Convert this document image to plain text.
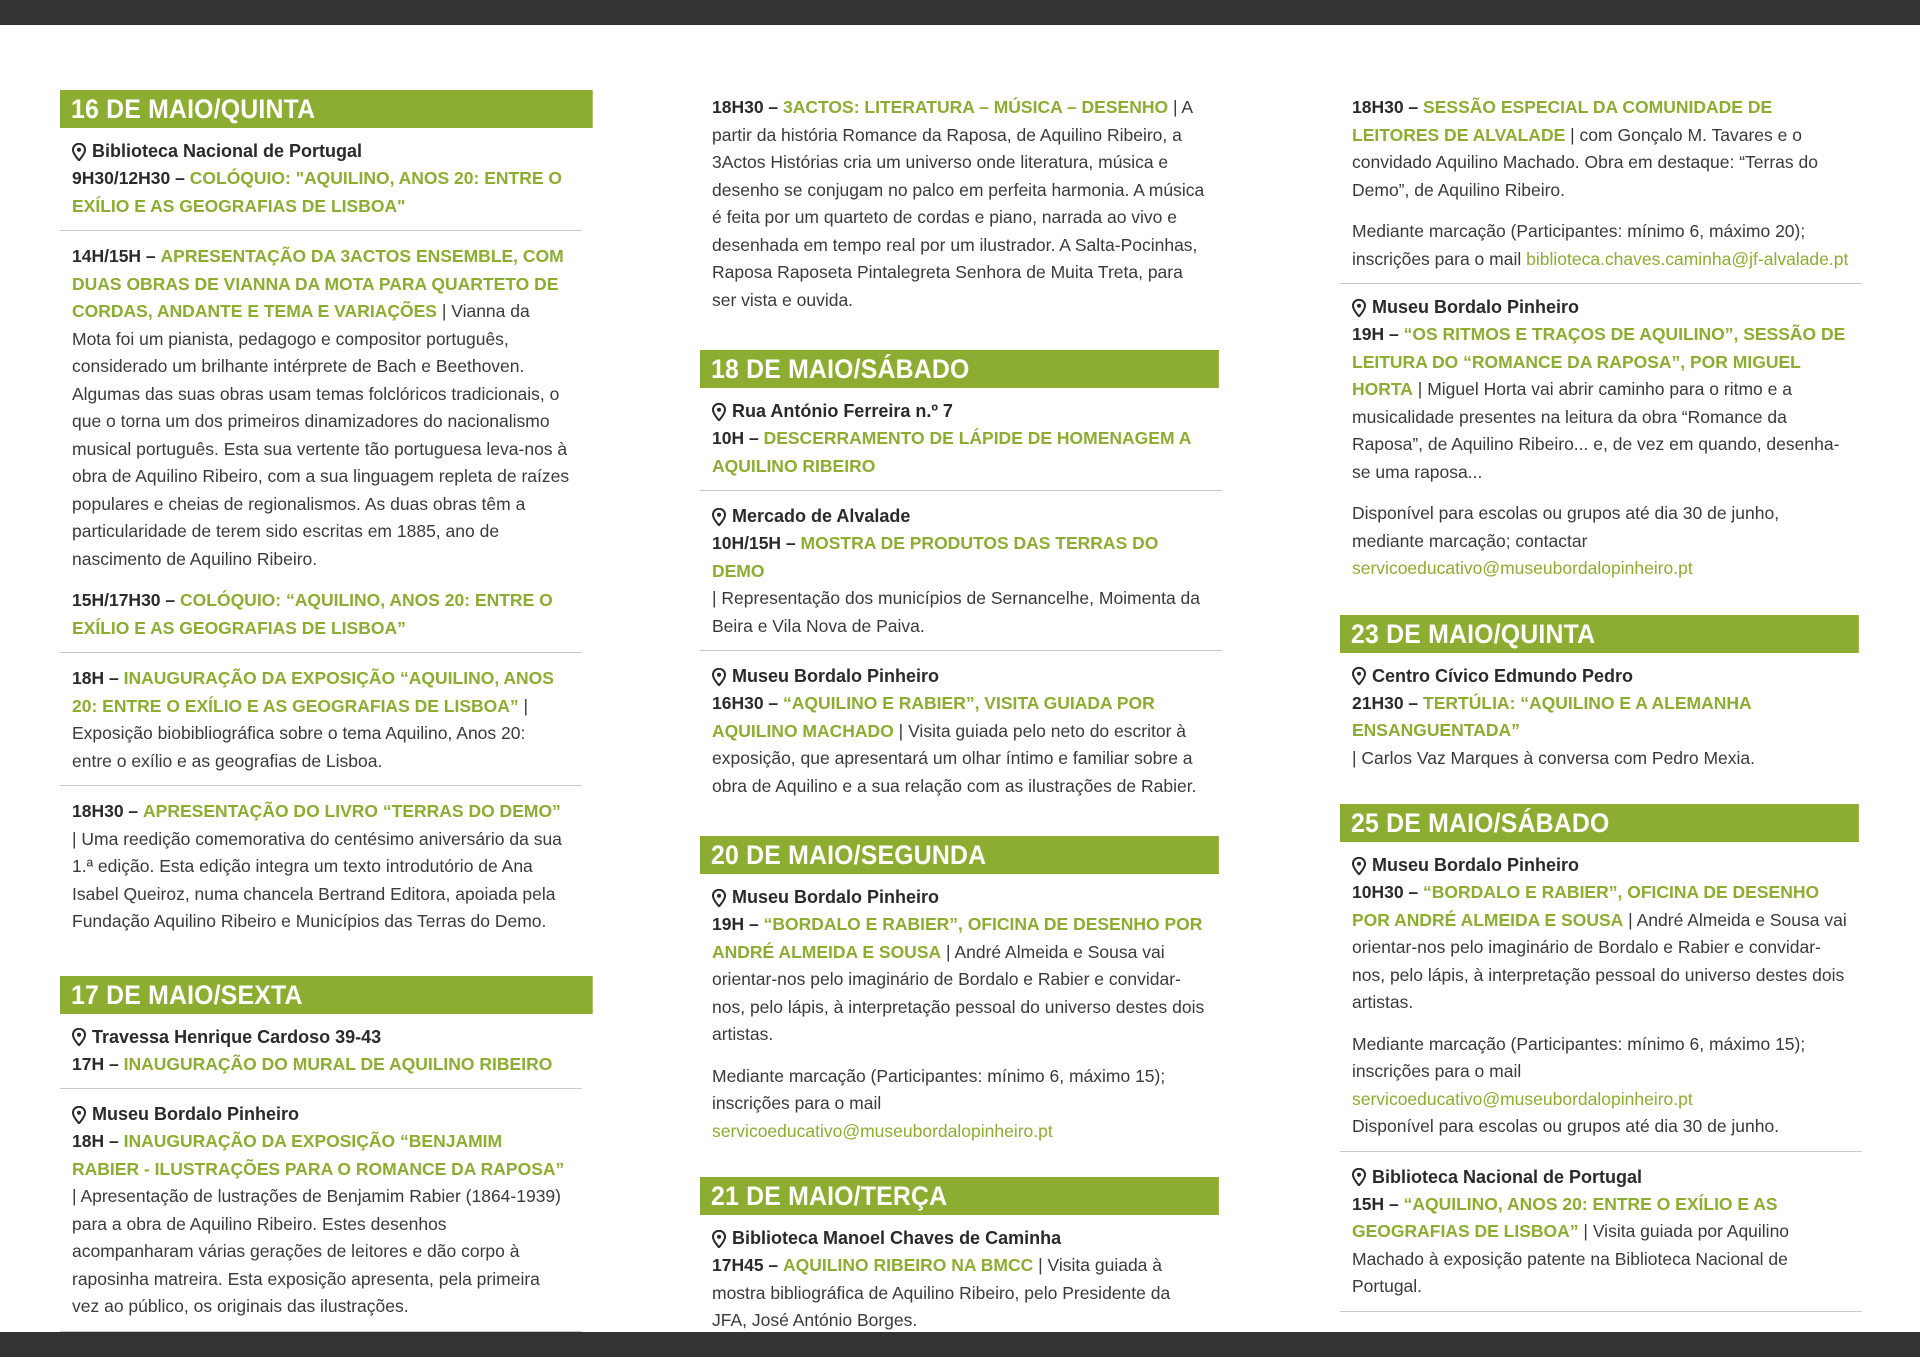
16 DE MAIO/QUINTA
Biblioteca Nacional de Portugal

9H30/12H30 – COLÓQUIO: "AQUILINO, ANOS 20: ENTRE O EXÍLIO E AS GEOGRAFIAS DE LISBOA"

14H/15H – APRESENTAÇÃO DA 3ACTOS ENSEMBLE, COM DUAS OBRAS DE VIANNA DA MOTA PARA QUARTETO DE CORDAS, ANDANTE E TEMA E VARIAÇÕES | Vianna da Mota foi um pianista, pedagogo e compositor português, considerado um brilhante intérprete de Bach e Beethoven. Algumas das suas obras usam temas folclóricos tradicionais, o que o torna um dos primeiros dinamizadores do nacionalismo musical português. Esta sua vertente tão portuguesa leva-nos à obra de Aquilino Ribeiro, com a sua linguagem repleta de raízes populares e cheias de regionalismos. As duas obras têm a particularidade de terem sido escritas em 1885, ano de nascimento de Aquilino Ribeiro.

15H/17H30 – COLÓQUIO: “AQUILINO, ANOS 20: ENTRE O EXÍLIO E AS GEOGRAFIAS DE LISBOA”

18H – INAUGURAÇÃO DA EXPOSIÇÃO “AQUILINO, ANOS 20: ENTRE O EXÍLIO E AS GEOGRAFIAS DE LISBOA” | Exposição biobibliográfica sobre o tema Aquilino, Anos 20: entre o exílio e as geografias de Lisboa.

18H30 – APRESENTAÇÃO DO LIVRO “TERRAS DO DEMO” | Uma reedição comemorativa do centésimo aniversário da sua 1.ª edição. Esta edição integra um texto introdutório de Ana Isabel Queiroz, numa chancela Bertrand Editora, apoiada pela Fundação Aquilino Ribeiro e Municípios das Terras do Demo.

17 DE MAIO/SEXTA
Travessa Henrique Cardoso 39-43

17H – INAUGURAÇÃO DO MURAL DE AQUILINO RIBEIRO

Museu Bordalo Pinheiro

18H – INAUGURAÇÃO DA EXPOSIÇÃO “BENJAMIM RABIER - ILUSTRAÇÕES PARA O ROMANCE DA RAPOSA” | Apresentação de lustrações de Benjamim Rabier (1864-1939) para a obra de Aquilino Ribeiro. Estes desenhos acompanharam várias gerações de leitores e dão corpo à raposinha matreira. Esta exposição apresenta, pela primeira vez ao público, os originais das ilustrações.

18H30 – 3ACTOS: LITERATURA – MÚSICA – DESENHO | A partir da história Romance da Raposa, de Aquilino Ribeiro, a 3Actos Histórias cria um universo onde literatura, música e desenho se conjugam no palco em perfeita harmonia. A música é feita por um quarteto de cordas e piano, narrada ao vivo e desenhada em tempo real por um ilustrador. A Salta-Pocinhas, Raposa Raposeta Pintalegreta Senhora de Muita Treta, para ser vista e ouvida.

18 DE MAIO/SÁBADO
Rua António Ferreira n.º 7

10H – DESCERRAMENTO DE LÁPIDE DE HOMENAGEM A AQUILINO RIBEIRO

Mercado de Alvalade

10H/15H – MOSTRA DE PRODUTOS DAS TERRAS DO DEMO
| Representação dos municípios de Sernancelhe, Moimenta da Beira e Vila Nova de Paiva.

Museu Bordalo Pinheiro

16H30 – “AQUILINO E RABIER”, VISITA GUIADA POR AQUILINO MACHADO | Visita guiada pelo neto do escritor à exposição, que apresentará um olhar íntimo e familiar sobre a obra de Aquilino e a sua relação com as ilustrações de Rabier.

20 DE MAIO/SEGUNDA
Museu Bordalo Pinheiro

19H – “BORDALO E RABIER”, OFICINA DE DESENHO POR ANDRÉ ALMEIDA E SOUSA | André Almeida e Sousa vai orientar-nos pelo imaginário de Bordalo e Rabier e convidar-nos, pelo lápis, à interpretação pessoal do universo destes dois artistas.

Mediante marcação (Participantes: mínimo 6, máximo 15); inscrições para o mail servicoeducativo@museubordalopinheiro.pt

21 DE MAIO/TERÇA
Biblioteca Manoel Chaves de Caminha

17H45 – AQUILINO RIBEIRO NA BMCC | Visita guiada à mostra bibliográfica de Aquilino Ribeiro, pelo Presidente da JFA, José António Borges.

18H30 – SESSÃO ESPECIAL DA COMUNIDADE DE LEITORES DE ALVALADE | com Gonçalo M. Tavares e o convidado Aquilino Machado. Obra em destaque: “Terras do Demo”, de Aquilino Ribeiro.

Mediante marcação (Participantes: mínimo 6, máximo 20); inscrições para o mail biblioteca.chaves.caminha@jf-alvalade.pt

Museu Bordalo Pinheiro

19H – “OS RITMOS E TRAÇOS DE AQUILINO”, SESSÃO DE LEITURA DO “ROMANCE DA RAPOSA”, POR MIGUEL HORTA | Miguel Horta vai abrir caminho para o ritmo e a musicalidade presentes na leitura da obra “Romance da Raposa”, de Aquilino Ribeiro... e, de vez em quando, desenha-se uma raposa...

Disponível para escolas ou grupos até dia 30 de junho, mediante marcação; contactar servicoeducativo@museubordalopinheiro.pt

23 DE MAIO/QUINTA
Centro Cívico Edmundo Pedro

21H30 – TERTÚLIA: “AQUILINO E A ALEMANHA ENSANGUENTADA”
| Carlos Vaz Marques à conversa com Pedro Mexia.

25 DE MAIO/SÁBADO
Museu Bordalo Pinheiro

10H30 – “BORDALO E RABIER”, OFICINA DE DESENHO POR ANDRÉ ALMEIDA E SOUSA | André Almeida e Sousa vai orientar-nos pelo imaginário de Bordalo e Rabier e convidar-nos, pelo lápis, à interpretação pessoal do universo destes dois artistas.

Mediante marcação (Participantes: mínimo 6, máximo 15); inscrições para o mail servicoeducativo@museubordalopinheiro.pt
Disponível para escolas ou grupos até dia 30 de junho.

Biblioteca Nacional de Portugal

15H – “AQUILINO, ANOS 20: ENTRE O EXÍLIO E AS GEOGRAFIAS DE LISBOA” | Visita guiada por Aquilino Machado à exposição patente na Biblioteca Nacional de Portugal.
